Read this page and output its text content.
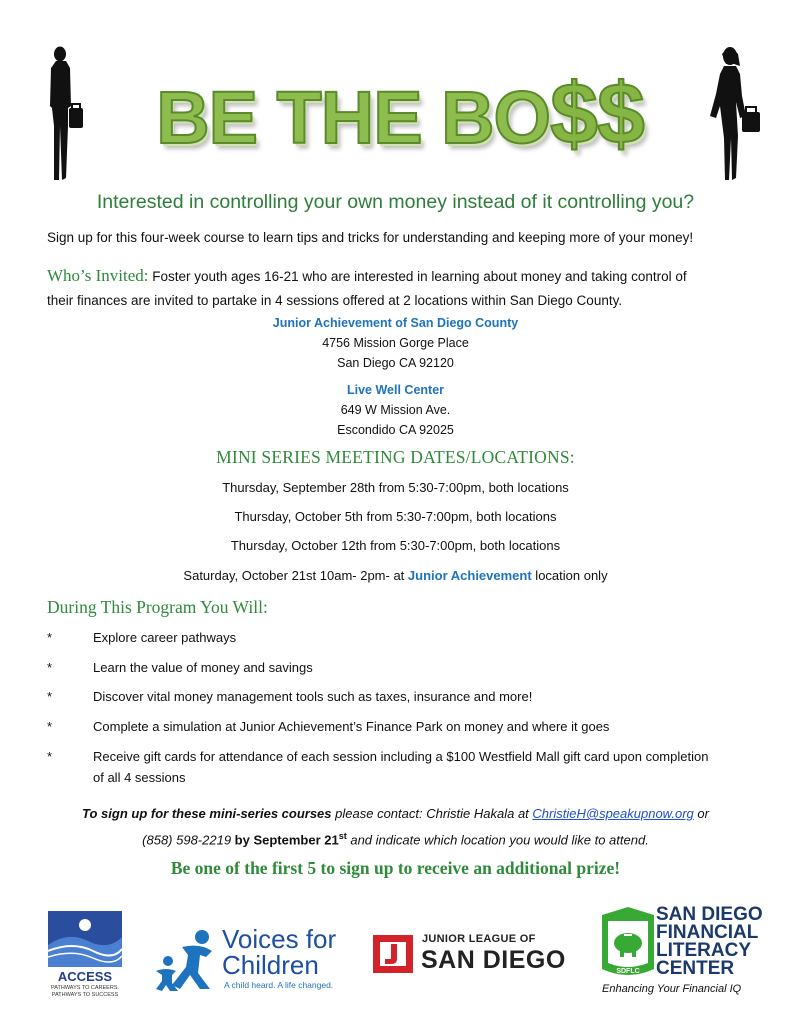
BE THE BO$$
Interested in controlling your own money instead of it controlling you?
Sign up for this four-week course to learn tips and tricks for understanding and keeping more of your money!
Who’s Invited: Foster youth ages 16-21 who are interested in learning about money and taking control of
their finances are invited to partake in 4 sessions offered at 2 locations within San Diego County.
Junior Achievement of San Diego County
4756 Mission Gorge Place
San Diego CA 92120
Live Well Center
649 W Mission Ave.
Escondido CA 92025
MINI SERIES MEETING DATES/LOCATIONS:
Thursday, September 28th from 5:30-7:00pm, both locations
Thursday, October 5th from 5:30-7:00pm, both locations
Thursday, October 12th from 5:30-7:00pm, both locations
Saturday, October 21st 10am- 2pm- at Junior Achievement location only
During This Program You Will:
*	Explore career pathways
*	Learn the value of money and savings
*	Discover vital money management tools such as taxes, insurance and more!
*	Complete a simulation at Junior Achievement’s Finance Park on money and where it goes
*	Receive gift cards for attendance of each session including a $100 Westfield Mall gift card upon completion of all 4 sessions
To sign up for these mini-series courses please contact: Christie Hakala at ChristieH@speakupnow.org or
(858) 598-2219 by September 21st and indicate which location you would like to attend.
Be one of the first 5 to sign up to receive an additional prize!
ACCESS
PATHWAYS TO CAREERS.
PATHWAYS TO SUCCESS
Voices for
Children
A child heard. A life changed.
JUNIOR LEAGUE OF
SAN DIEGO	SDFLC
SAN DIEGO
FINANCIAL
LITERACY
CENTER
Enhancing Your Financial IQ
